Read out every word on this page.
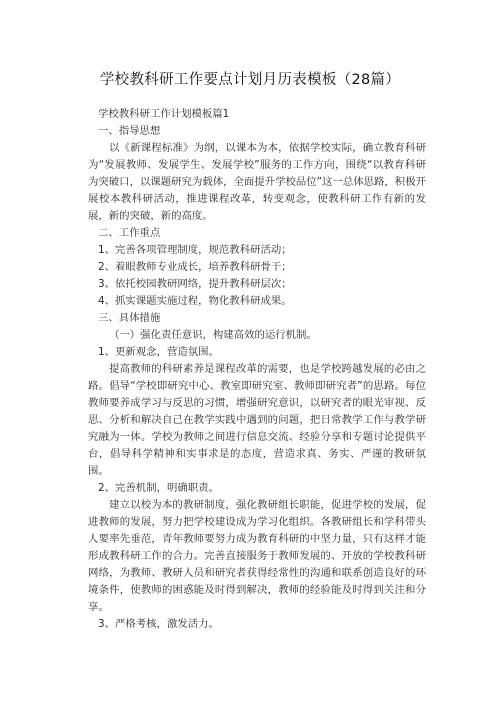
学校教科研工作要点计划月历表模板（28篇）

学校教科研工作计划模板篇1

一、指导思想

以《新课程标准》为纲，以课本为本，依据学校实际，确立教育科研为“发展教师、发展学生、发展学校”服务的工作方向，围绕“以教育科研为突破口，以课题研究为载体，全面提升学校品位”这一总体思路，积极开展校本教科研活动，推进课程改革，转变观念，使教科研工作有新的发展，新的突破，新的高度。

二、工作重点

1、完善各项管理制度，规范教科研活动；

2、着眼教师专业成长，培养教科研骨干；

3、依托校园教研网络，提升教科研层次；

4、抓实课题实施过程，物化教科研成果。

三、具体措施

（一）强化责任意识，构建高效的运行机制。

1、更新观念，营造氛围。

提高教师的科研素养是课程改革的需要，也是学校跨越发展的必由之路。倡导“学校即研究中心、教室即研究室、教师即研究者”的思路。每位教师要养成学习与反思的习惯，增强研究意识，以研究者的眼光审视、反思、分析和解决自己在教学实践中遇到的问题，把日常教学工作与教学研究融为一体。学校为教师之间进行信息交流、经验分享和专题讨论提供平台，倡导科学精神和实事求是的态度，营造求真、务实、严谨的教研氛围。

2、完善机制，明确职责。

建立以校为本的教研制度，强化教研组长职能，促进学校的发展，促进教师的发展，努力把学校建设成为学习化组织。各教研组长和学科带头人要率先垂范，青年教师要努力成为教育科研的中坚力量，只有这样才能形成教科研工作的合力。完善直接服务于教师发展的、开放的学校教科研网络，为教师、教研人员和研究者获得经常性的沟通和联系创造良好的环境条件，使教师的困惑能及时得到解决，教师的经验能及时得到关注和分享。

3、严格考核，激发活力。
